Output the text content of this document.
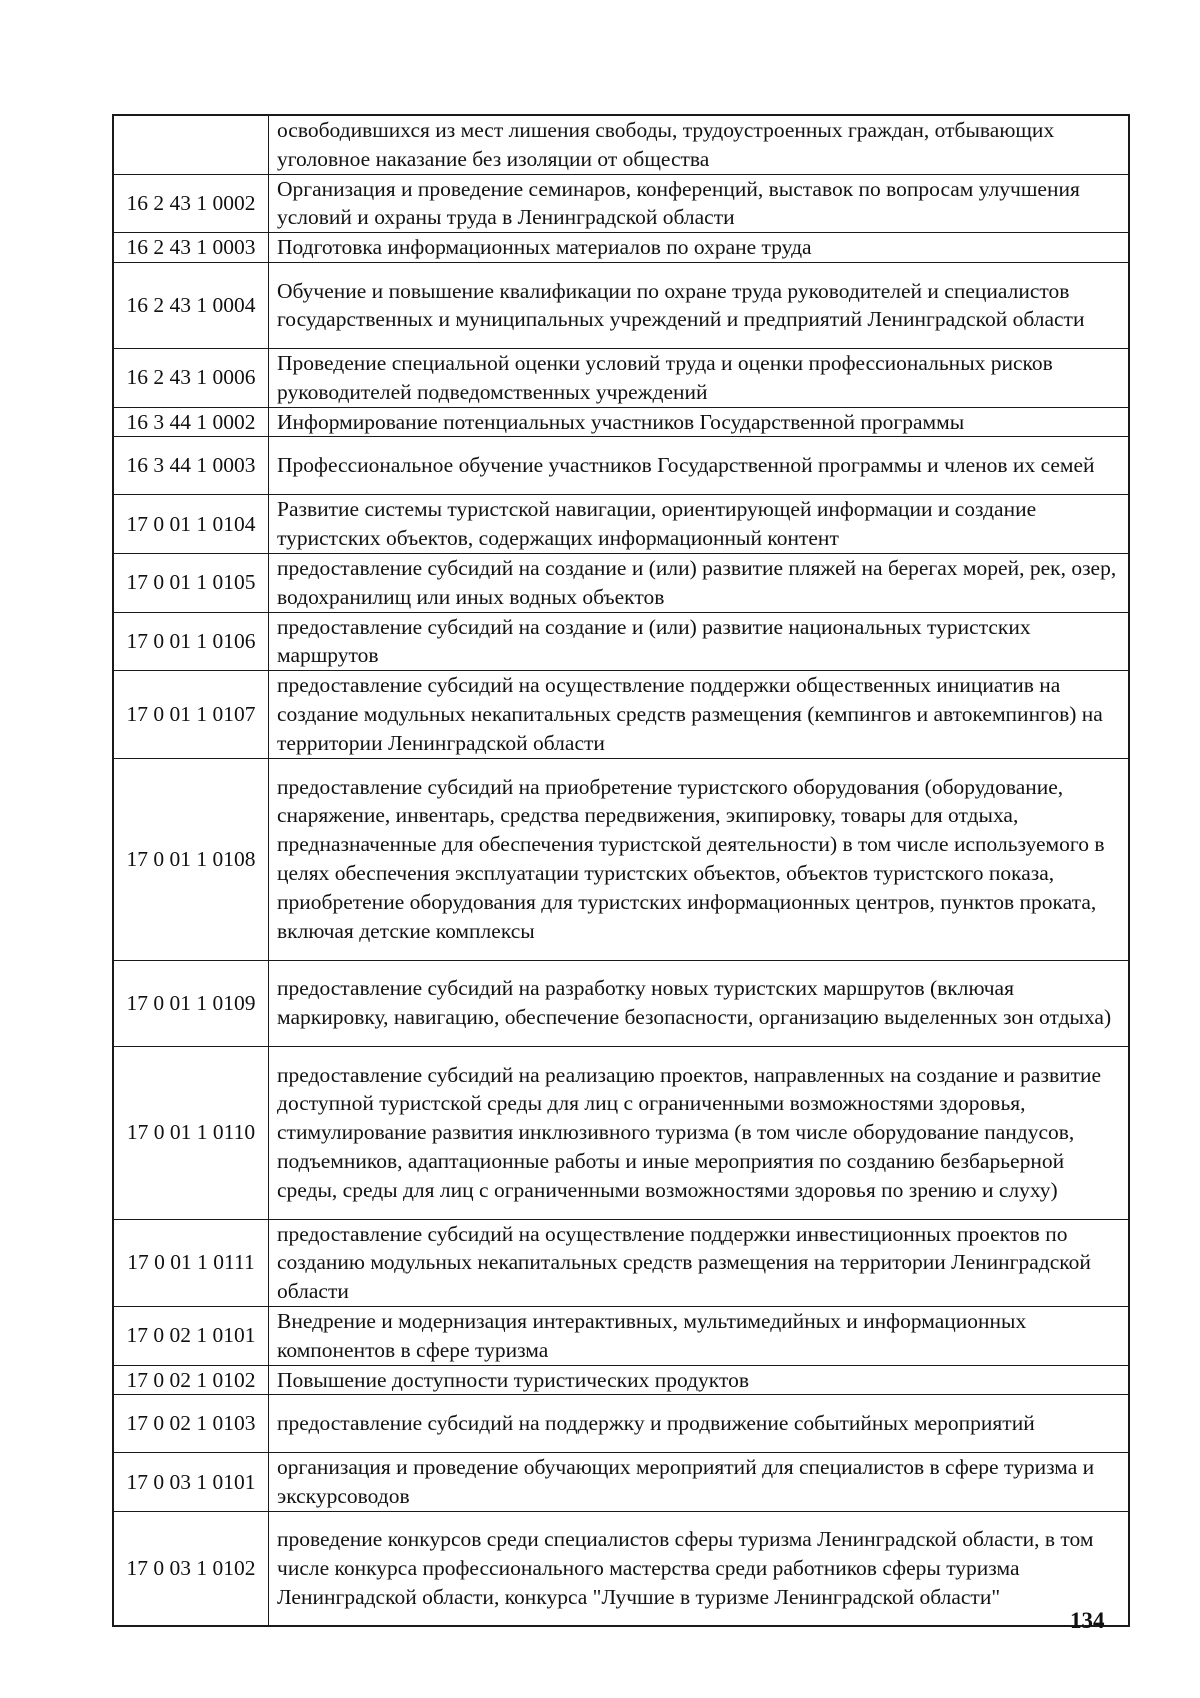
	освободившихся из мест лишения свободы, трудоустроенных граждан, отбывающих уголовное наказание без изоляции от общества
16 2 43 1 0002	Организация и проведение семинаров, конференций, выставок по вопросам улучшения условий и охраны труда в Ленинградской области
16 2 43 1 0003	Подготовка информационных материалов по охране труда
16 2 43 1 0004	Обучение и повышение квалификации по охране труда руководителей и специалистов государственных и муниципальных учреждений и предприятий Ленинградской области
16 2 43 1 0006	Проведение специальной оценки условий труда и оценки профессиональных рисков руководителей подведомственных учреждений
16 3 44 1 0002	Информирование потенциальных участников Государственной программы
16 3 44 1 0003	Профессиональное обучение участников Государственной программы и членов их семей
17 0 01 1 0104	Развитие системы туристской навигации, ориентирующей информации и создание туристских объектов, содержащих информационный контент
17 0 01 1 0105	предоставление субсидий на создание и (или) развитие пляжей на берегах морей, рек, озер, водохранилищ или иных водных объектов
17 0 01 1 0106	предоставление субсидий на создание и (или) развитие национальных туристских маршрутов
17 0 01 1 0107	предоставление субсидий на осуществление поддержки общественных инициатив на создание модульных некапитальных средств размещения (кемпингов и автокемпингов) на территории Ленинградской области
17 0 01 1 0108	предоставление субсидий на приобретение туристского оборудования (оборудование, снаряжение, инвентарь, средства передвижения, экипировку, товары для отдыха, предназначенные для обеспечения туристской деятельности) в том числе используемого в целях обеспечения эксплуатации туристских объектов, объектов туристского показа, приобретение оборудования для туристских информационных центров, пунктов проката, включая детские комплексы
17 0 01 1 0109	предоставление субсидий на разработку новых туристских маршрутов (включая маркировку, навигацию, обеспечение безопасности, организацию выделенных зон отдыха)
17 0 01 1 0110	предоставление субсидий на реализацию проектов, направленных на создание и развитие доступной туристской среды для лиц с ограниченными возможностями здоровья, стимулирование развития инклюзивного туризма (в том числе оборудование пандусов, подъемников, адаптационные работы и иные мероприятия по созданию безбарьерной среды, среды для лиц с ограниченными возможностями здоровья по зрению и слуху)
17 0 01 1 0111	предоставление субсидий на осуществление поддержки инвестиционных проектов по созданию модульных некапитальных средств размещения на территории Ленинградской области
17 0 02 1 0101	Внедрение и модернизация интерактивных, мультимедийных и информационных компонентов в сфере туризма
17 0 02 1 0102	Повышение доступности туристических продуктов
17 0 02 1 0103	предоставление субсидий на поддержку и продвижение событийных мероприятий
17 0 03 1 0101	организация и проведение обучающих мероприятий для специалистов в сфере туризма и экскурсоводов
17 0 03 1 0102	проведение конкурсов среди специалистов сферы туризма Ленинградской области, в том числе конкурса профессионального мастерства среди работников сферы туризма Ленинградской области, конкурса "Лучшие в туризме Ленинградской области"
134
